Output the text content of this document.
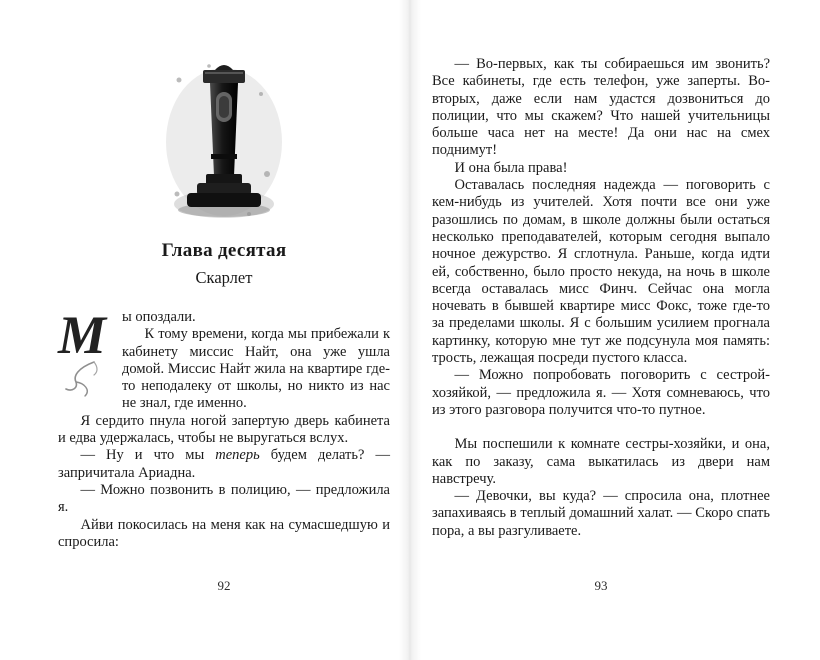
Глава десятая
Скарлет
М	ы опоздали.

К тому времени, когда мы прибежали к кабинету миссис Найт, она уже ушла домой. Миссис Найт жила на квартире где-то неподалеку от школы, но никто из нас не знал, где именно.

Я сердито пнула ногой запертую дверь кабинета и едва удержалась, чтобы не выругаться вслух.

— Ну и что мы теперь будем делать? — запричитала Ариадна.

— Можно позвонить в полицию, — предложила я.

Айви покосилась на меня как на сумасшедшую и спросила:

92

— Во-первых, как ты собираешься им звонить? Все кабинеты, где есть телефон, уже заперты. Во-вторых, даже если нам удастся дозвониться до полиции, что мы скажем? Что нашей учительницы больше часа нет на месте! Да они нас на смех поднимут!

И она была права!

Оставалась последняя надежда — поговорить с кем-нибудь из учителей. Хотя почти все они уже разошлись по домам, в школе должны были остаться несколько преподавателей, которым сегодня выпало ночное дежурство. Я сглотнула. Раньше, когда идти ей, собственно, было просто некуда, на ночь в школе всегда оставалась мисс Финч. Сейчас она могла ночевать в бывшей квартире мисс Фокс, тоже где-то за пределами школы. Я с большим усилием прогнала картинку, которую мне тут же подсунула моя память: трость, лежащая посреди пустого класса.

— Можно попробовать поговорить с сестрой-хозяйкой, — предложила я. — Хотя сомневаюсь, что из этого разговора получится что-то путное.

Мы поспешили к комнате сестры-хозяйки, и она, как по заказу, сама выкатилась из двери нам навстречу.

— Девочки, вы куда? — спросила она, плотнее запахиваясь в теплый домашний халат. — Скоро спать пора, а вы разгуливаете.

93
